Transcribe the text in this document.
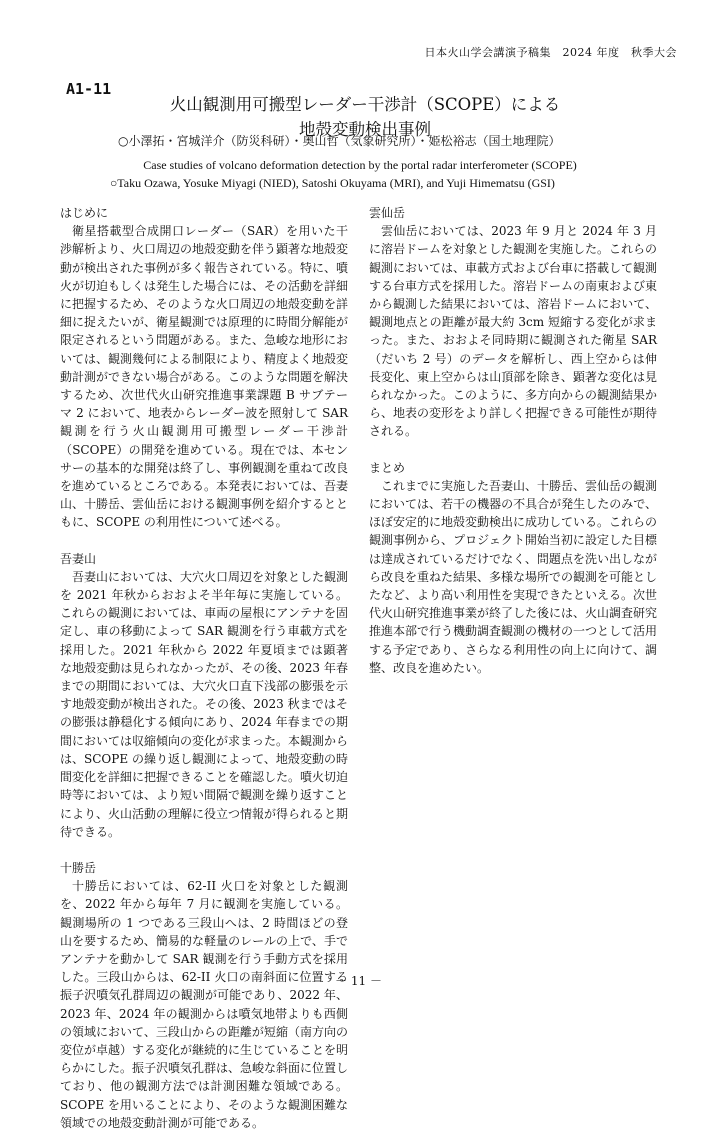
日本火山学会講演予稿集　2024 年度　秋季大会
A1-11
火山観測用可搬型レーダー干渉計（SCOPE）による
地殻変動検出事例
○小澤拓・宮城洋介（防災科研）・奥山哲（気象研究所）・姫松裕志（国土地理院）
Case studies of volcano deformation detection by the portal radar interferometer (SCOPE)
○Taku Ozawa, Yosuke Miyagi (NIED), Satoshi Okuyama (MRI), and Yuji Himematsu (GSI)

はじめに

衛星搭載型合成開口レーダー（SAR）を用いた干渉解析より、火口周辺の地殻変動を伴う顕著な地殻変動が検出された事例が多く報告されている。特に、噴火が切迫もしくは発生した場合には、その活動を詳細に把握するため、そのような火口周辺の地殻変動を詳細に捉えたいが、衛星観測では原理的に時間分解能が限定されるという問題がある。また、急峻な地形においては、観測幾何による制限により、精度よく地殻変動計測ができない場合がある。このような問題を解決するため、次世代火山研究推進事業課題 B サブテーマ 2 において、地表からレーダー波を照射して SAR 観測を行う火山観測用可搬型レーダー干渉計（SCOPE）の開発を進めている。現在では、本センサーの基本的な開発は終了し、事例観測を重ねて改良を進めているところである。本発表においては、吾妻山、十勝岳、雲仙岳における観測事例を紹介するとともに、SCOPE の利用性について述べる。

吾妻山

吾妻山においては、大穴火口周辺を対象とした観測を 2021 年秋からおおよそ半年毎に実施している。これらの観測においては、車両の屋根にアンテナを固定し、車の移動によって SAR 観測を行う車載方式を採用した。2021 年秋から 2022 年夏頃までは顕著な地殻変動は見られなかったが、その後、2023 年春までの期間においては、大穴火口直下浅部の膨張を示す地殻変動が検出された。その後、2023 秋まではその膨張は静穏化する傾向にあり、2024 年春までの期間においては収縮傾向の変化が求まった。本観測からは、SCOPE の繰り返し観測によって、地殻変動の時間変化を詳細に把握できることを確認した。噴火切迫時等においては、より短い間隔で観測を繰り返すことにより、火山活動の理解に役立つ情報が得られると期待できる。

十勝岳

十勝岳においては、62-II 火口を対象とした観測を、2022 年から毎年 7 月に観測を実施している。観測場所の 1 つである三段山へは、2 時間ほどの登山を要するため、簡易的な軽量のレールの上で、手でアンテナを動かして SAR 観測を行う手動方式を採用した。三段山からは、62-II 火口の南斜面に位置する振子沢噴気孔群周辺の観測が可能であり、2022 年、2023 年、2024 年の観測からは噴気地帯よりも西側の領域において、三段山からの距離が短縮（南方向の変位が卓越）する変化が継続的に生じていることを明らかにした。振子沢噴気孔群は、急峻な斜面に位置しており、他の観測方法では計測困難な領域である。SCOPE を用いることにより、そのような観測困難な領域での地殻変動計測が可能である。

雲仙岳

雲仙岳においては、2023 年 9 月と 2024 年 3 月に溶岩ドームを対象とした観測を実施した。これらの観測においては、車載方式および台車に搭載して観測する台車方式を採用した。溶岩ドームの南東および東から観測した結果においては、溶岩ドームにおいて、観測地点との距離が最大約 3cm 短縮する変化が求まった。また、おおよそ同時期に観測された衛星 SAR（だいち 2 号）のデータを解析し、西上空からは伸長変化、東上空からは山頂部を除き、顕著な変化は見られなかった。このように、多方向からの観測結果から、地表の変形をより詳しく把握できる可能性が期待される。

まとめ

これまでに実施した吾妻山、十勝岳、雲仙岳の観測においては、若干の機器の不具合が発生したのみで、ほぼ安定的に地殻変動検出に成功している。これらの観測事例から、プロジェクト開始当初に設定した目標は達成されているだけでなく、問題点を洗い出しながら改良を重ねた結果、多様な場所での観測を可能としたなど、より高い利用性を実現できたといえる。次世代火山研究推進事業が終了した後には、火山調査研究推進本部で行う機動調査観測の機材の一つとして活用する予定であり、さらなる利用性の向上に向けて、調整、改良を進めたい。

－ 11 －
